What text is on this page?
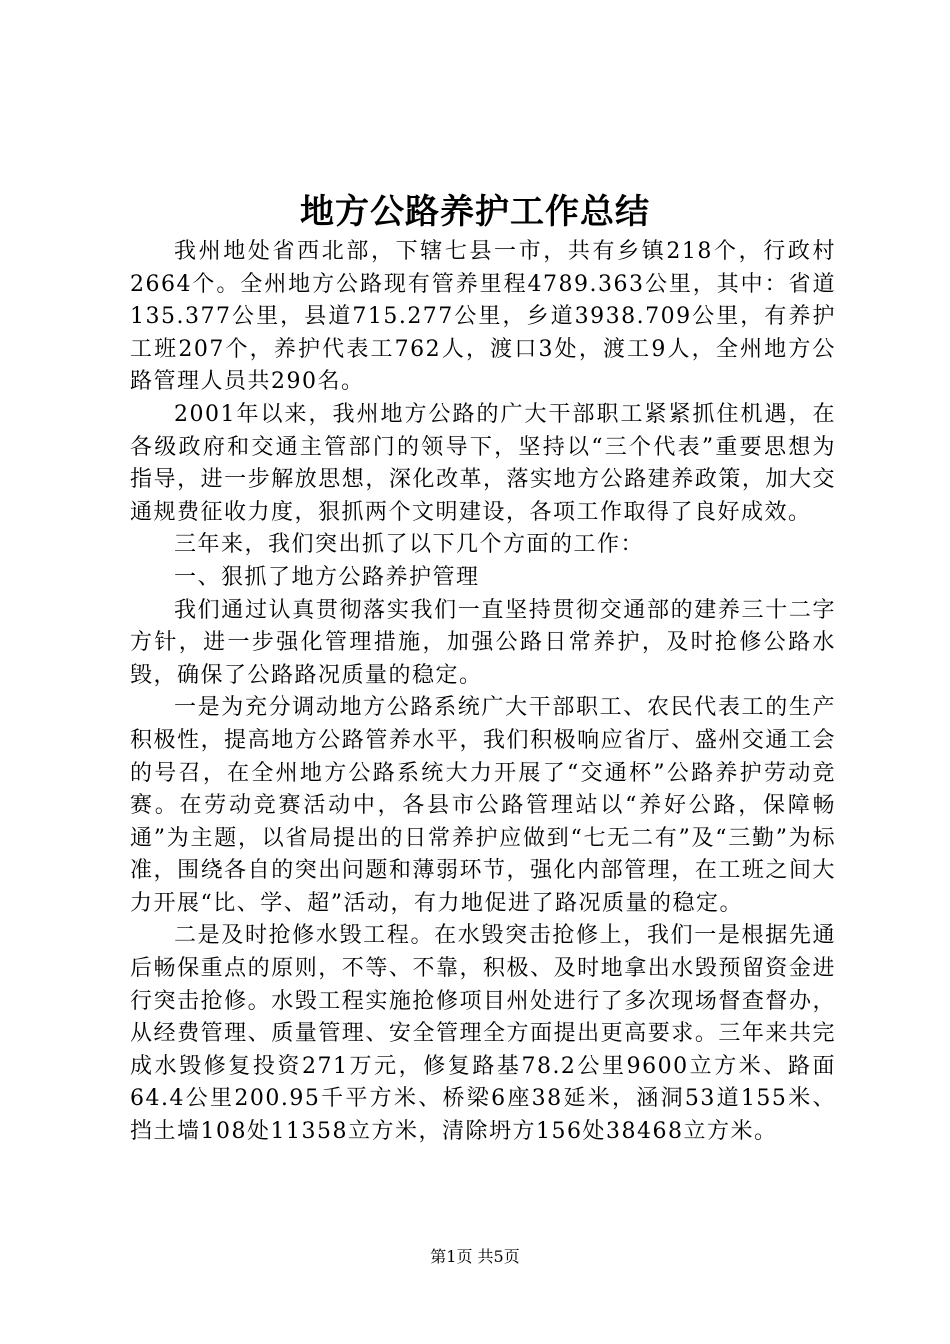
地方公路养护工作总结

我州地处省西北部，下辖七县一市，共有乡镇218个，行政村2664个。全州地方公路现有管养里程4789.363公里，其中：省道135.377公里，县道715.277公里，乡道3938.709公里，有养护工班207个，养护代表工762人，渡口3处，渡工9人，全州地方公路管理人员共290名。

2001年以来，我州地方公路的广大干部职工紧紧抓住机遇，在各级政府和交通主管部门的领导下，坚持以“三个代表”重要思想为指导，进一步解放思想，深化改革，落实地方公路建养政策，加大交通规费征收力度，狠抓两个文明建设，各项工作取得了良好成效。

三年来，我们突出抓了以下几个方面的工作：

一、狠抓了地方公路养护管理

我们通过认真贯彻落实我们一直坚持贯彻交通部的建养三十二字方针，进一步强化管理措施，加强公路日常养护，及时抢修公路水毁，确保了公路路况质量的稳定。

一是为充分调动地方公路系统广大干部职工、农民代表工的生产积极性，提高地方公路管养水平，我们积极响应省厅、盛州交通工会的号召，在全州地方公路系统大力开展了“交通杯”公路养护劳动竞赛。在劳动竞赛活动中，各县市公路管理站以“养好公路，保障畅通”为主题，以省局提出的日常养护应做到“七无二有”及“三勤”为标准，围绕各自的突出问题和薄弱环节，强化内部管理，在工班之间大力开展“比、学、超”活动，有力地促进了路况质量的稳定。

二是及时抢修水毁工程。在水毁突击抢修上，我们一是根据先通后畅保重点的原则，不等、不靠，积极、及时地拿出水毁预留资金进行突击抢修。水毁工程实施抢修项目州处进行了多次现场督查督办，从经费管理、质量管理、安全管理全方面提出更高要求。三年来共完成水毁修复投资271万元，修复路基78.2公里9600立方米、路面64.4公里200.95千平方米、桥梁6座38延米，涵洞53道155米、挡土墙108处11358立方米，清除坍方156处38468立方米。

第1页 共5页
